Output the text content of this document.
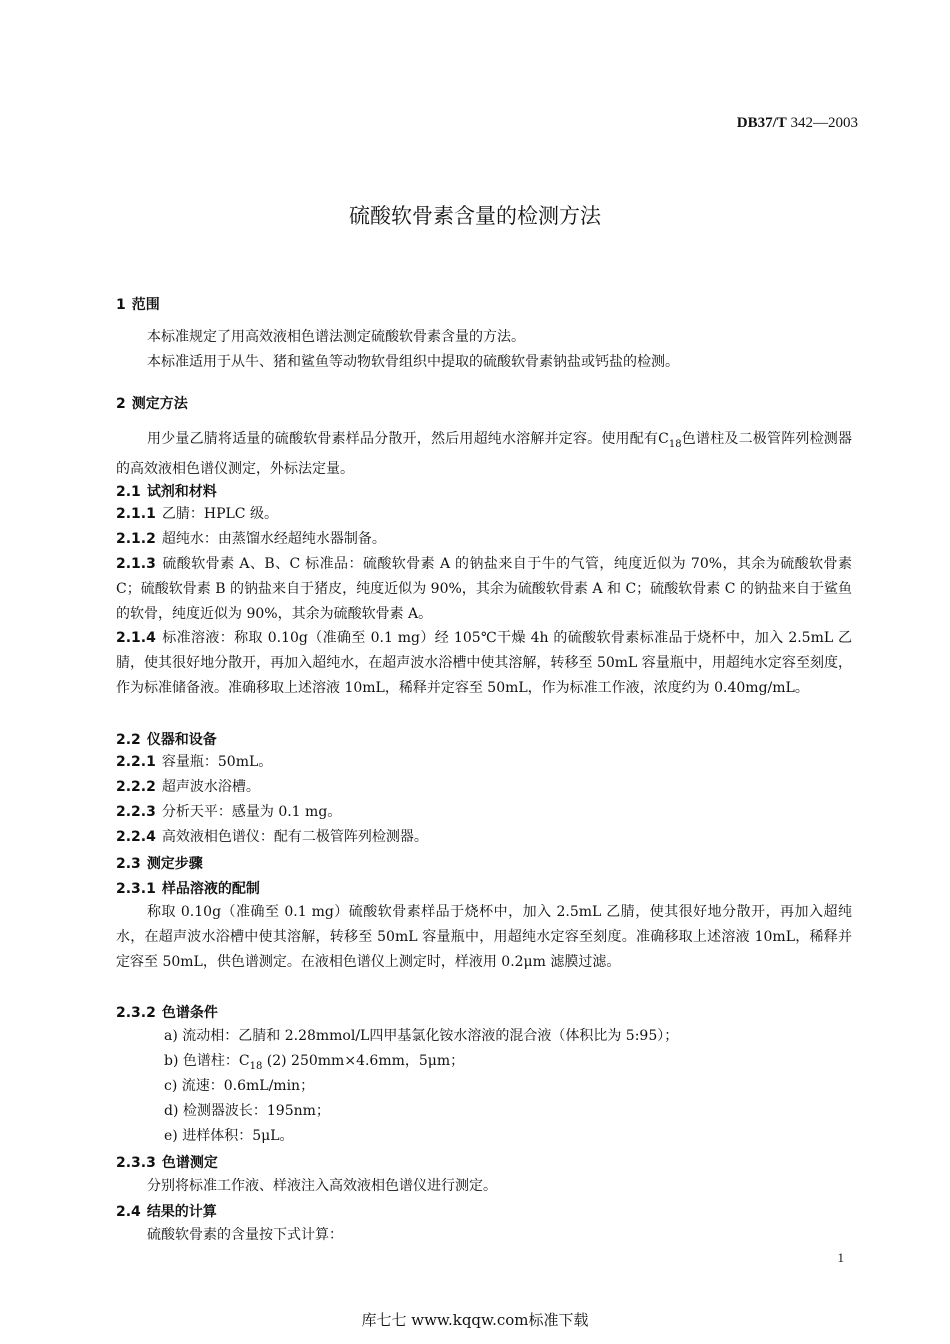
DB37/T 342—2003
硫酸软骨素含量的检测方法
1 范围
本标准规定了用高效液相色谱法测定硫酸软骨素含量的方法。
本标准适用于从牛、猪和鲨鱼等动物软骨组织中提取的硫酸软骨素钠盐或钙盐的检测。
2 测定方法
用少量乙腈将适量的硫酸软骨素样品分散开，然后用超纯水溶解并定容。使用配有$C_{18}$色谱柱及二极管阵列检测器的高效液相色谱仪测定，外标法定量。
2.1 试剂和材料
2.1.1 乙腈：HPLC 级。
2.1.2 超纯水：由蒸馏水经超纯水器制备。
2.1.3 硫酸软骨素 A、B、C 标准品：硫酸软骨素 A 的钠盐来自于牛的气管，纯度近似为 70%，其余为硫酸软骨素 C；硫酸软骨素 B 的钠盐来自于猪皮，纯度近似为 90%，其余为硫酸软骨素 A 和 C；硫酸软骨素 C 的钠盐来自于鲨鱼的软骨，纯度近似为 90%，其余为硫酸软骨素 A。
2.1.4 标准溶液：称取 0.10g（准确至 0.1 mg）经 105℃干燥 4h 的硫酸软骨素标准品于烧杯中，加入 2.5mL 乙腈，使其很好地分散开，再加入超纯水，在超声波水浴槽中使其溶解，转移至 50mL 容量瓶中，用超纯水定容至刻度，作为标准储备液。准确移取上述溶液 10mL，稀释并定容至 50mL，作为标准工作液，浓度约为 0.40mg/mL。
2.2 仪器和设备
2.2.1 容量瓶：50mL。
2.2.2 超声波水浴槽。
2.2.3 分析天平：感量为 0.1 mg。
2.2.4 高效液相色谱仪：配有二极管阵列检测器。
2.3 测定步骤
2.3.1 样品溶液的配制
称取 0.10g（准确至 0.1 mg）硫酸软骨素样品于烧杯中，加入 2.5mL 乙腈，使其很好地分散开，再加入超纯水，在超声波水浴槽中使其溶解，转移至 50mL 容量瓶中，用超纯水定容至刻度。准确移取上述溶液 10mL，稀释并定容至 50mL，供色谱测定。在液相色谱仪上测定时，样液用 0.2μm 滤膜过滤。
2.3.2 色谱条件
a) 流动相：乙腈和 2.28mmol/L四甲基氯化铵水溶液的混合液（体积比为 5:95）；
b) 色谱柱：$C_{18}$ (2) 250mm×4.6mm，5μm；
c) 流速：0.6mL/min；
d) 检测器波长：195nm；
e) 进样体积：5μL。
2.3.3 色谱测定
分别将标准工作液、样液注入高效液相色谱仪进行测定。
2.4 结果的计算
硫酸软骨素的含量按下式计算：
1
库七七 www.kqqw.com标准下载
